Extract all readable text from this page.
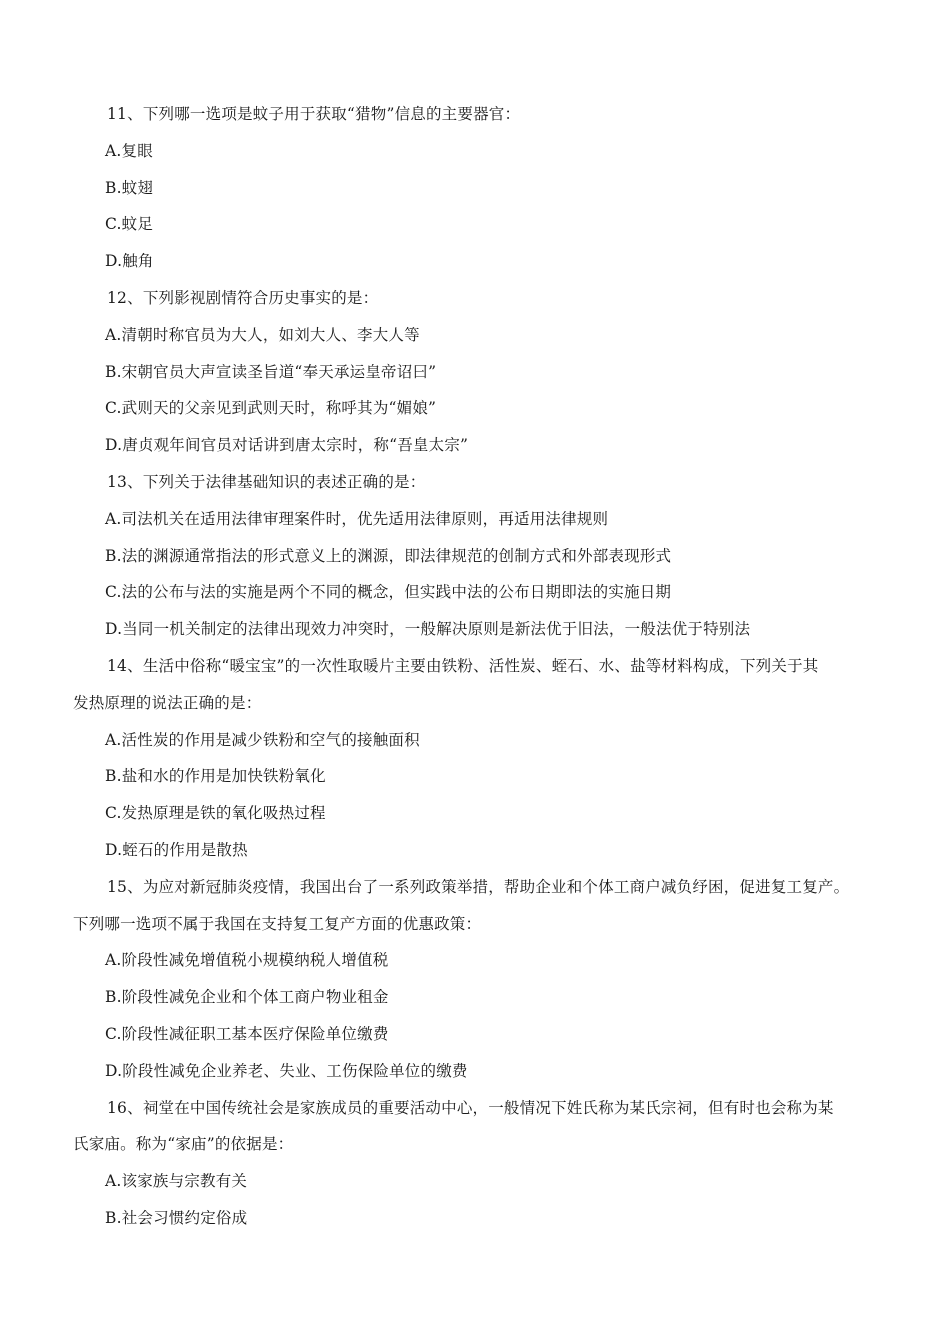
11、下列哪一选项是蚊子用于获取“猎物”信息的主要器官：
A.复眼
B.蚊翅
C.蚊足
D.触角
12、下列影视剧情符合历史事实的是：
A.清朝时称官员为大人，如刘大人、李大人等
B.宋朝官员大声宣读圣旨道“奉天承运皇帝诏曰”
C.武则天的父亲见到武则天时，称呼其为“媚娘”
D.唐贞观年间官员对话讲到唐太宗时，称“吾皇太宗”
13、下列关于法律基础知识的表述正确的是：
A.司法机关在适用法律审理案件时，优先适用法律原则，再适用法律规则
B.法的渊源通常指法的形式意义上的渊源，即法律规范的创制方式和外部表现形式
C.法的公布与法的实施是两个不同的概念，但实践中法的公布日期即法的实施日期
D.当同一机关制定的法律出现效力冲突时，一般解决原则是新法优于旧法，一般法优于特别法
14、生活中俗称“暖宝宝”的一次性取暖片主要由铁粉、活性炭、蛭石、水、盐等材料构成，下列关于其
发热原理的说法正确的是：
A.活性炭的作用是减少铁粉和空气的接触面积
B.盐和水的作用是加快铁粉氧化
C.发热原理是铁的氧化吸热过程
D.蛭石的作用是散热
15、为应对新冠肺炎疫情，我国出台了一系列政策举措，帮助企业和个体工商户减负纾困，促进复工复产。
下列哪一选项不属于我国在支持复工复产方面的优惠政策：
A.阶段性减免增值税小规模纳税人增值税
B.阶段性减免企业和个体工商户物业租金
C.阶段性减征职工基本医疗保险单位缴费
D.阶段性减免企业养老、失业、工伤保险单位的缴费
16、祠堂在中国传统社会是家族成员的重要活动中心，一般情况下姓氏称为某氏宗祠，但有时也会称为某
氏家庙。称为“家庙”的依据是：
A.该家族与宗教有关
B.社会习惯约定俗成
